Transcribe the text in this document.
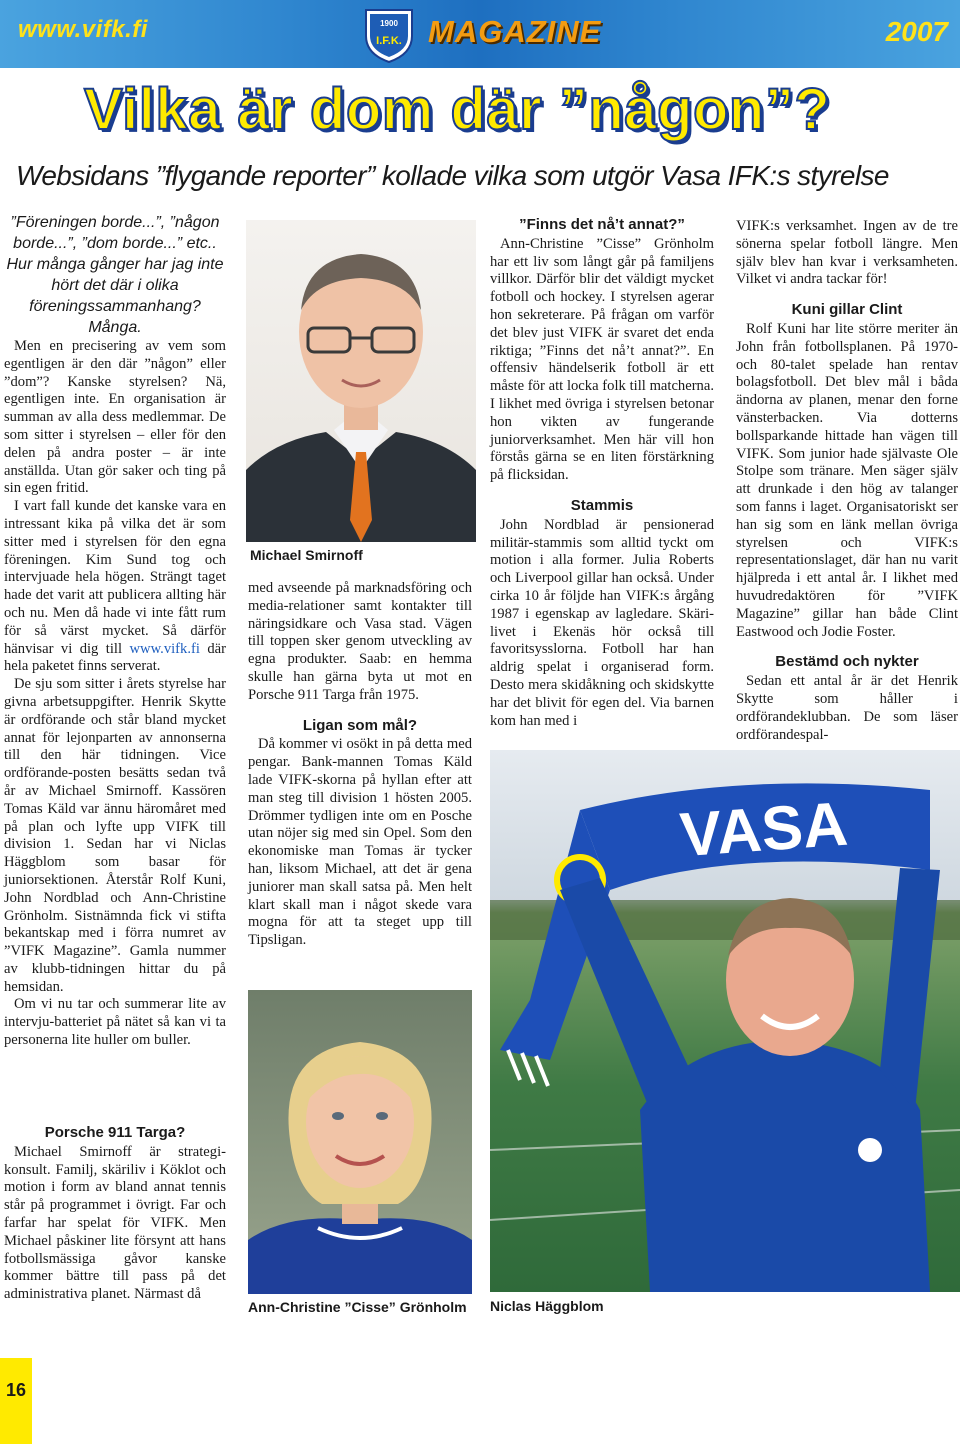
www.vifk.fi	1900
I.F.K. MAGAZINE	2007
Vilka är dom där ”någon”?
Websidans ”flygande reporter” kollade vilka som utgör Vasa IFK:s styrelse

”Föreningen borde...”, ”någon borde...”, ”dom borde...” etc.. Hur många gånger har jag inte hört det där i olika föreningssammanhang? Många.

Men en precisering av vem som egentligen är den där ”någon” eller ”dom”? Kanske styrelsen? Nä, egentligen inte. En organisation är summan av alla dess medlemmar. De som sitter i styrelsen – eller för den delen på andra poster – är inte anställda. Utan gör saker och ting på sin egen fritid.

I vart fall kunde det kanske vara en intressant kika på vilka det är som sitter med i styrelsen för den egna föreningen. Kim Sund tog och intervjuade hela högen. Strängt taget hade det varit att publicera allting här och nu. Men då hade vi inte fått rum för så värst mycket. Så därför hänvisar vi dig till www.vifk.fi där hela paketet finns serverat.

De sju som sitter i årets styrelse har givna arbetsuppgifter. Henrik Skytte är ordförande och står bland mycket annat för lejonparten av annonserna till den här tidningen. Vice ordförande-posten besätts sedan två år av Michael Smirnoff. Kassören Tomas Käld var ännu häromåret med på plan och lyfte upp VIFK till division 1. Sedan har vi Niclas Häggblom som basar för juniorsektionen. Återstår Rolf Kuni, John Nordblad och Ann-Christine Grönholm. Sistnämnda fick vi stifta bekantskap med i förra numret av ”VIFK Magazine”. Gamla nummer av klubb-tidningen hittar du på hemsidan.

Om vi nu tar och summerar lite av intervju-batteriet på nätet så kan vi ta personerna lite huller om buller.

Porsche 911 Targa?

Michael Smirnoff är strategi-konsult. Familj, skäriliv i Köklot och motion i form av bland annat tennis står på programmet i övrigt. Far och farfar har spelat för VIFK. Men Michael påskiner lite försynt att hans fotbollsmässiga gåvor kanske kommer bättre till pass på det administrativa planet. Närmast då

Michael Smirnoff

med avseende på marknadsföring och media-relationer samt kontakter till näringsidkare och Vasa stad. Vägen till toppen sker genom utveckling av egna produkter. Saab: en hemma skulle han gärna byta ut mot en Porsche 911 Targa från 1975.

Ligan som mål?

Då kommer vi osökt in på detta med pengar. Bank-mannen Tomas Käld lade VIFK-skorna på hyllan efter att man steg till division 1 hösten 2005. Drömmer tydligen inte om en Posche utan nöjer sig med sin Opel. Som den ekonomiske man Tomas är tycker han, liksom Michael, att det är gena juniorer man skall satsa på. Men helt klart skall man i något skede vara mogna för att ta steget upp till Tipsligan.

Ann-Christine ”Cisse” Grönholm
”Finns det nå’t annat?”

Ann-Christine ”Cisse” Grönholm har ett liv som långt går på familjens villkor. Därför blir det väldigt mycket fotboll och hockey. I styrelsen agerar hon sekreterare. På frågan om varför det blev just VIFK är svaret det enda riktiga; ”Finns det nå’t annat?”. En offensiv händelserik fotboll är ett måste för att locka folk till matcherna. I likhet med övriga i styrelsen betonar hon vikten av fungerande juniorverksamhet. Men här vill hon förstås gärna se en liten förstärkning på flicksidan.

Stammis

John Nordblad är pensionerad militär-stammis som alltid tyckt om motion i alla former. Julia Roberts och Liverpool gillar han också. Under cirka 10 år följde han VIFK:s årgång 1987 i egenskap av lagledare. Skäri-livet i Ekenäs hör också till favoritsysslorna. Fotboll har han aldrig spelat i organiserad form. Desto mera skidåkning och skidskytte har det blivit för egen del. Via barnen kom han med i

VIFK:s verksamhet. Ingen av de tre sönerna spelar fotboll längre. Men själv blev han kvar i verksamheten. Vilket vi andra tackar för!

Kuni gillar Clint

Rolf Kuni har lite större meriter än John från fotbollsplanen. På 1970- och 80-talet spelade han rentav bolagsfotboll. Det blev mål i båda ändorna av planen, menar den forne vänsterbacken. Via dotterns bollsparkande hittade han vägen till VIFK. Som junior hade självaste Ole Stolpe som tränare. Men säger själv att drunkade i den hög av talanger som fanns i laget. Organisatoriskt ser han sig som en länk mellan övriga styrelsen och VIFK:s representationslaget, där han nu varit hjälpreda i ett antal år. I likhet med huvudredaktören för ”VIFK Magazine” gillar han både Clint Eastwood och Jodie Foster.

Bestämd och nykter

Sedan ett antal år är det Henrik Skytte som håller i ordförandeklubban. De som läser ordförandespal-

VASA
Niclas Häggblom
16
